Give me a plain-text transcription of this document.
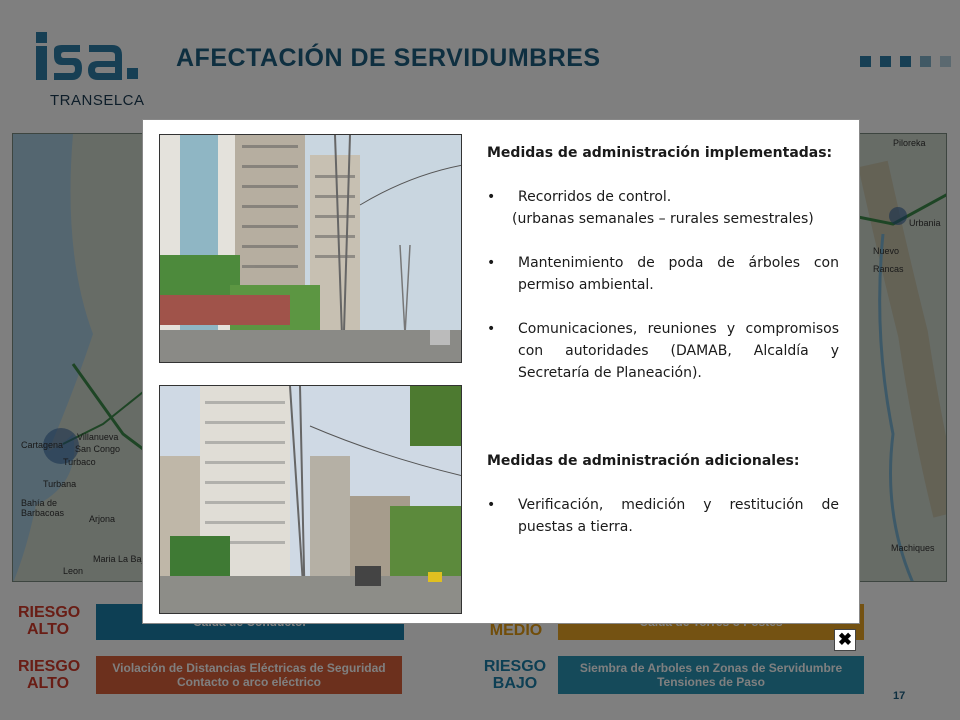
Medidas de administración implementadas:
• Recorridos de control.
(urbanas semanales – rurales semestrales)
• Mantenimiento de poda de árboles con permiso ambiental.
• Comunicaciones, reuniones y compromisos con autoridades (DAMAB, Alcaldía y Secretaría de Planeación).
Medidas de administración adicionales:
• Verificación, medición y restitución de puestas a tierra.
✖
